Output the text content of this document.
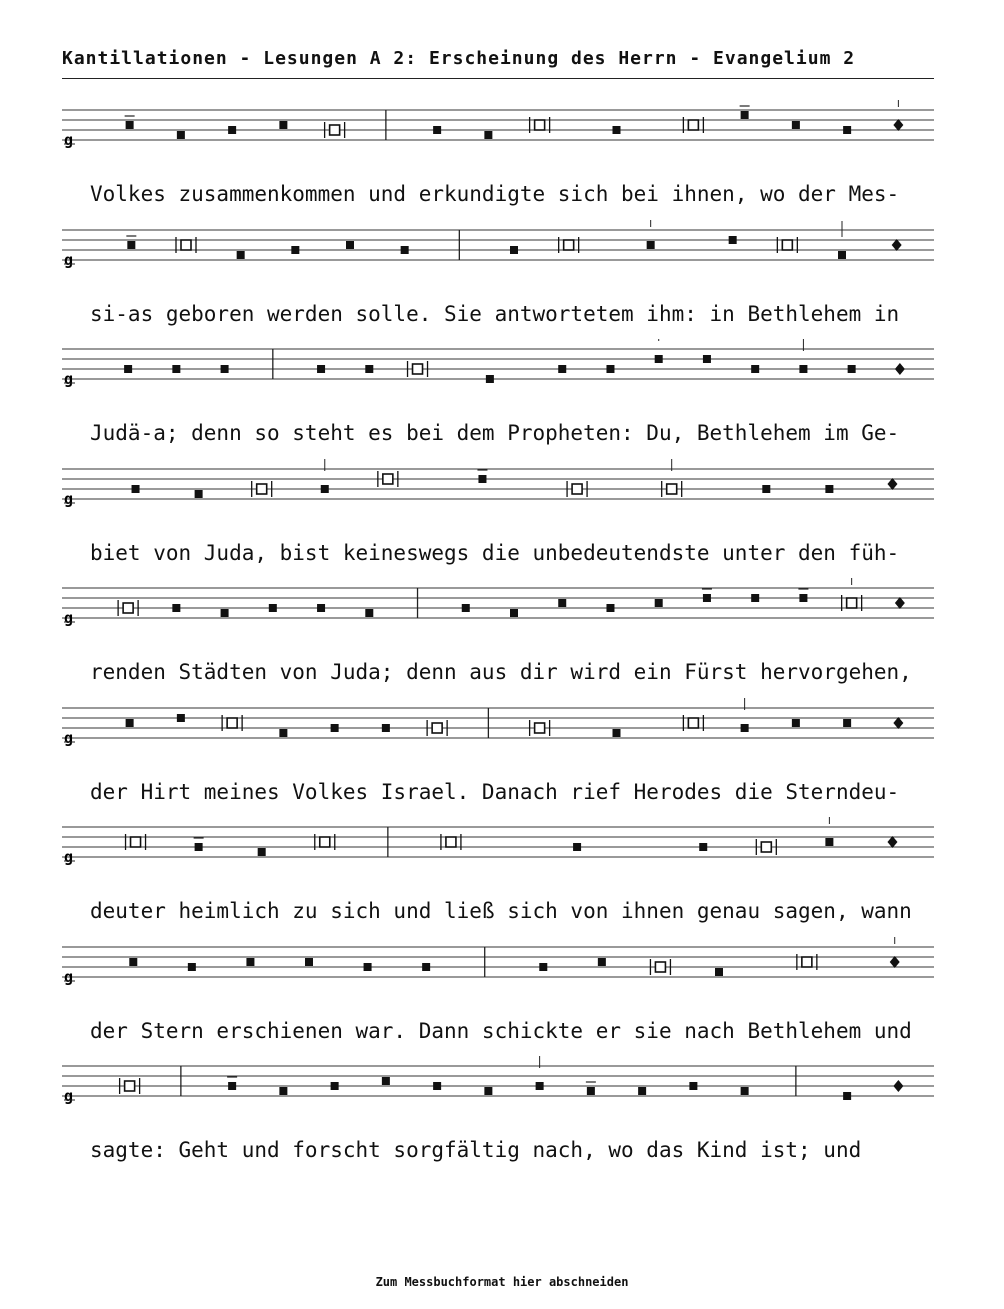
Kantillationen - Lesungen A 2: Erscheinung des Herrn - Evangelium 2
g
Volkes zusammenkommen und erkundigte sich bei ihnen, wo der Mes-
g
si-as geboren werden solle. Sie antwortetem ihm: in Bethlehem in
g
Judä-a; denn so steht es bei dem Propheten: Du, Bethlehem im Ge-
g
biet von Juda, bist keineswegs die unbedeutendste unter den füh-
g
renden Städten von Juda; denn aus dir wird ein Fürst hervorgehen,
g
der Hirt meines Volkes Israel. Danach rief Herodes die Sterndeu-
g
deuter heimlich zu sich und ließ sich von ihnen genau sagen, wann
g
der Stern erschienen war. Dann schickte er sie nach Bethlehem und
g
sagte: Geht und forscht sorgfältig nach, wo das Kind ist; und
Zum Messbuchformat hier abschneiden
